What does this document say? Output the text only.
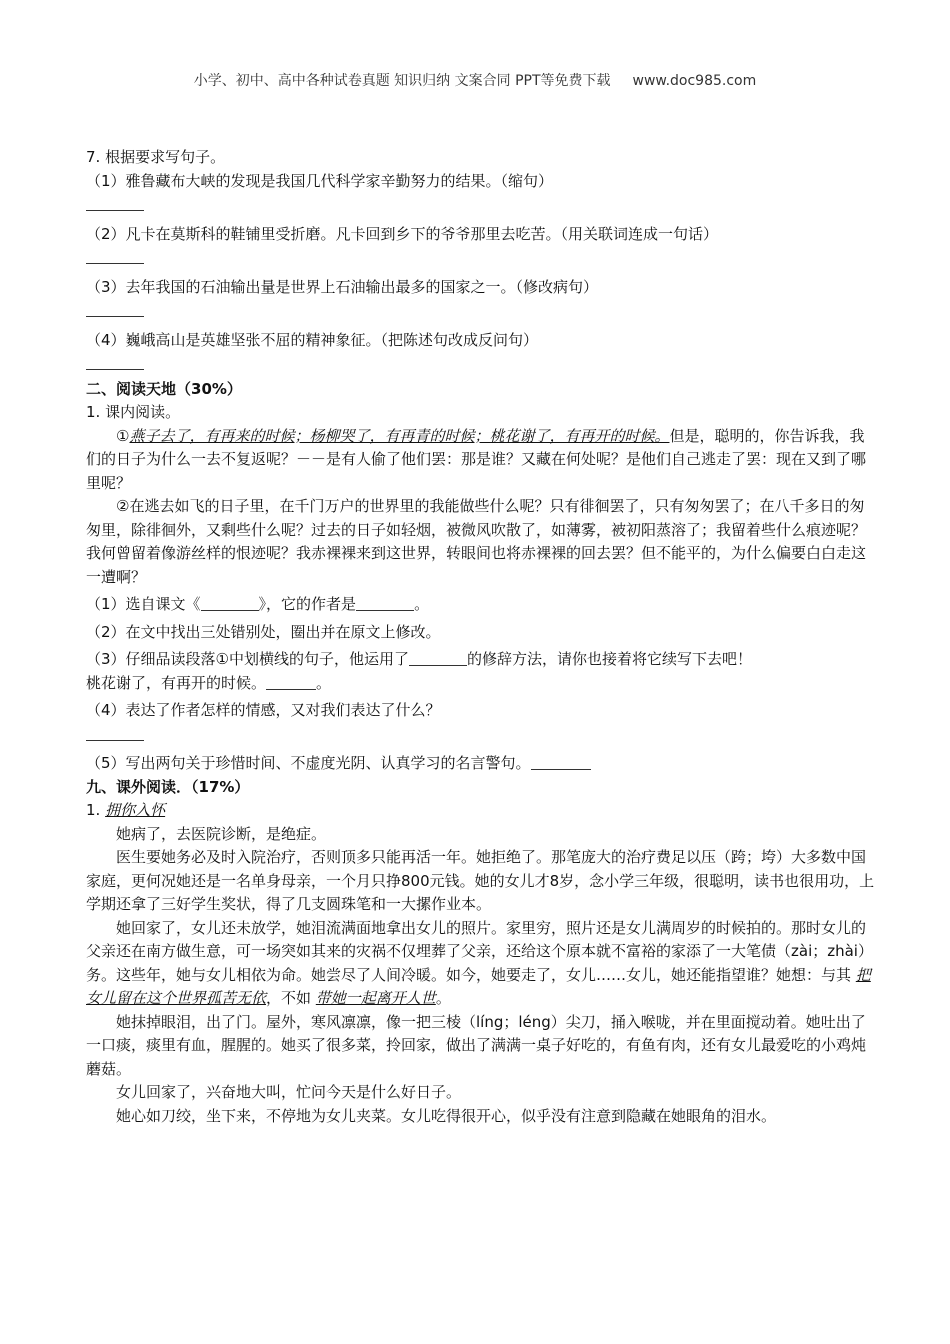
小学、初中、高中各种试卷真题 知识归纳 文案合同 PPT等免费下载 www.doc985.com

7. 根据要求写句子。

（1）雅鲁藏布大峡的发现是我国几代科学家辛勤努力的结果。（缩句）

（2）凡卡在莫斯科的鞋铺里受折磨。凡卡回到乡下的爷爷那里去吃苦。（用关联词连成一句话）

（3）去年我国的石油输出量是世界上石油输出最多的国家之一。（修改病句）

（4）巍峨高山是英雄坚张不屈的精神象征。（把陈述句改成反问句）

二、阅读天地（30%）

1. 课内阅读。

①燕子去了，有再来的时候；杨柳哭了，有再青的时候；桃花谢了，有再开的时候。但是，聪明的，你告诉我，我们的日子为什么一去不复返呢？－－是有人偷了他们罢：那是谁？又藏在何处呢？是他们自己逃走了罢：现在又到了哪里呢？

②在逃去如飞的日子里，在千门万户的世界里的我能做些什么呢？只有徘徊罢了，只有匆匆罢了；在八千多日的匆匆里，除徘徊外，又剩些什么呢？过去的日子如轻烟，被微风吹散了，如薄雾，被初阳蒸溶了；我留着些什么痕迹呢？我何曾留着像游丝样的恨迹呢？我赤裸裸来到这世界，转眼间也将赤裸裸的回去罢？但不能平的，为什么偏要白白走这一遭啊？

（1）选自课文《	》，它的作者是	。

（2）在文中找出三处错别处，圈出并在原文上修改。

（3）仔细品读段落①中划横线的句子，他运用了	的修辞方法，请你也接着将它续写下去吧！

桃花谢了，有再开的时候。	。

（4）表达了作者怎样的情感，又对我们表达了什么？

（5）写出两句关于珍惜时间、不虚度光阴、认真学习的名言警句。

九、课外阅读．（17%）

1. 拥你入怀

她病了，去医院诊断，是绝症。

医生要她务必及时入院治疗，否则顶多只能再活一年。她拒绝了。那笔庞大的治疗费足以压（跨；垮）大多数中国家庭，更何况她还是一名单身母亲，一个月只挣800元钱。她的女儿才8岁，念小学三年级，很聪明，读书也很用功，上学期还拿了三好学生奖状，得了几支圆珠笔和一大摞作业本。

她回家了，女儿还未放学，她泪流满面地拿出女儿的照片。家里穷，照片还是女儿满周岁的时候拍的。那时女儿的父亲还在南方做生意，可一场突如其来的灾祸不仅埋葬了父亲，还给这个原本就不富裕的家添了一大笔债（zài；zhài）务。这些年，她与女儿相依为命。她尝尽了人间冷暖。如今，她要走了，女儿……女儿，她还能指望谁？她想：与其 把女儿留在这个世界孤苦无依，不如 带她一起离开人世。

她抹掉眼泪，出了门。屋外，寒风凛凛，像一把三棱（líng；léng）尖刀，捅入喉咙，并在里面搅动着。她吐出了一口痰，痰里有血，腥腥的。她买了很多菜，拎回家，做出了满满一桌子好吃的，有鱼有肉，还有女儿最爱吃的小鸡炖蘑菇。

女儿回家了，兴奋地大叫，忙问今天是什么好日子。

她心如刀绞，坐下来，不停地为女儿夹菜。女儿吃得很开心，似乎没有注意到隐藏在她眼角的泪水。
